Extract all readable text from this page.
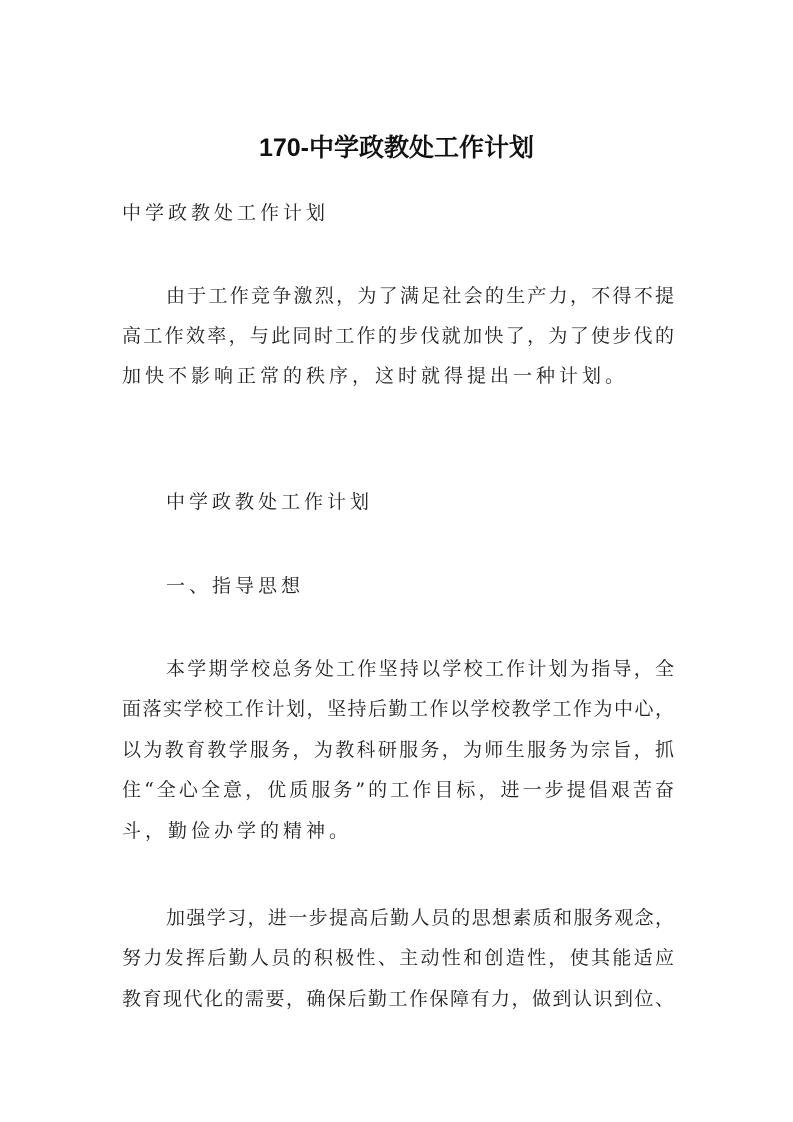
170-中学政教处工作计划
中学政教处工作计划
由于工作竞争激烈，为了满足社会的生产力，不得不提
高工作效率，与此同时工作的步伐就加快了，为了使步伐的
加快不影响正常的秩序，这时就得提出一种计划。
中学政教处工作计划
一、指导思想
本学期学校总务处工作坚持以学校工作计划为指导，全
面落实学校工作计划，坚持后勤工作以学校教学工作为中心，
以为教育教学服务，为教科研服务，为师生服务为宗旨，抓
住“全心全意，优质服务”的工作目标，进一步提倡艰苦奋
斗，勤俭办学的精神。
加强学习，进一步提高后勤人员的思想素质和服务观念，
努力发挥后勤人员的积极性、主动性和创造性，使其能适应
教育现代化的需要，确保后勤工作保障有力，做到认识到位、
